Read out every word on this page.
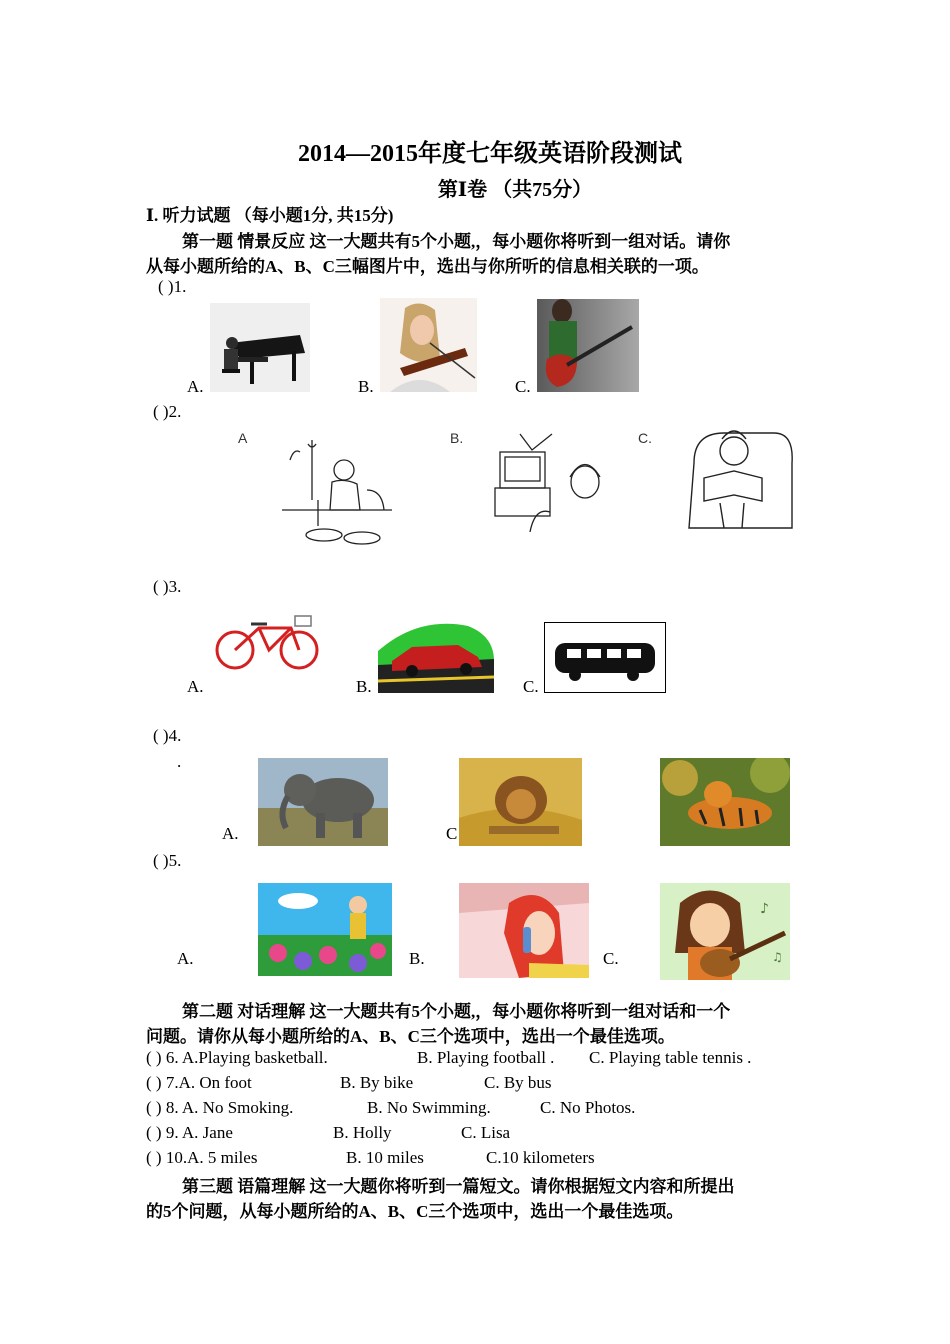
2014—2015年度七年级英语阶段测试
第Ⅰ卷 （共75分）
Ⅰ. 听力试题 （每小题1分, 共15分)
第一题 情景反应 这一大题共有5个小题,，每小题你将听到一组对话。请你
从每小题所给的A、B、C三幅图片中，选出与你所听的信息相关联的一项。
( )1.
A.	B.	C.
( )2.
A	B.	C.
( )3.
A.	B.	C.
( )4.
.
A.	C
( )5.
A.	B.	C.
♪
♫
第二题 对话理解 这一大题共有5个小题,，每小题你将听到一组对话和一个
问题。请你从每小题所给的A、B、C三个选项中，选出一个最佳选项。
( ) 6. A.Playing basketball.	B. Playing football . C. Playing table tennis .
( ) 7.A. On foot	B. By bike	C. By bus
( ) 8. A. No Smoking.	B. No Swimming.	C. No Photos.
( ) 9. A. Jane	B. Holly	C. Lisa
( ) 10.A. 5 miles	B. 10 miles	C.10 kilometers
第三题 语篇理解 这一大题你将听到一篇短文。请你根据短文内容和所提出
的5个问题，从每小题所给的A、B、C三个选项中，选出一个最佳选项。
